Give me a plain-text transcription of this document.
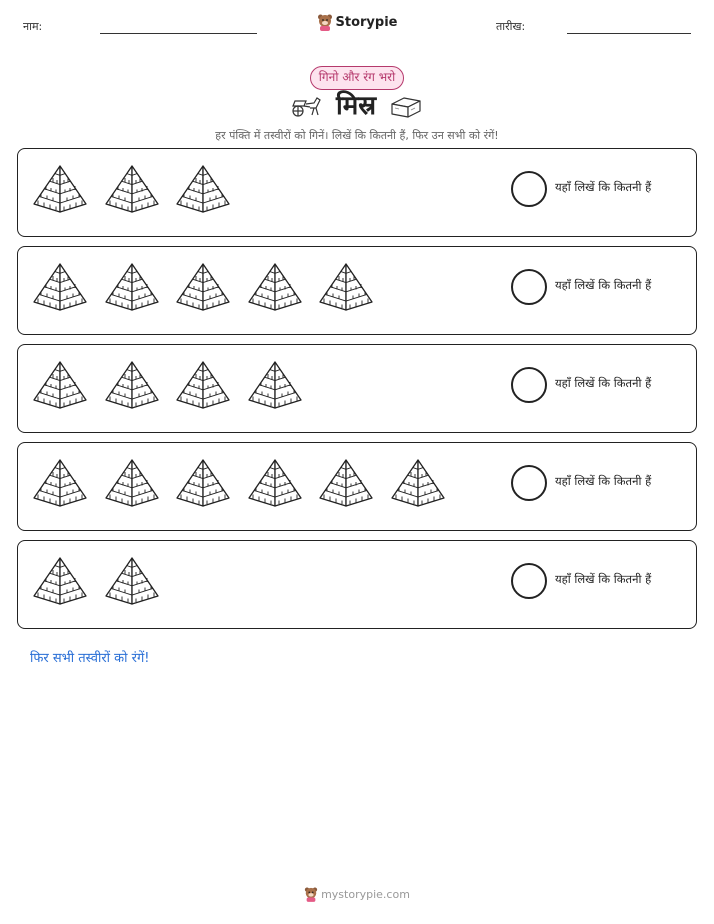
नाम:	Storypie	तारीख:
गिनो और रंग भरो
मिस्र
हर पंक्ति में तस्वीरों को गिनें। लिखें कि कितनी हैं, फिर उन सभी को रंगें!
यहाँ लिखें कि कितनी हैं
यहाँ लिखें कि कितनी हैं
यहाँ लिखें कि कितनी हैं
यहाँ लिखें कि कितनी हैं
यहाँ लिखें कि कितनी हैं
फिर सभी तस्वीरों को रंगें!
mystorypie.com
